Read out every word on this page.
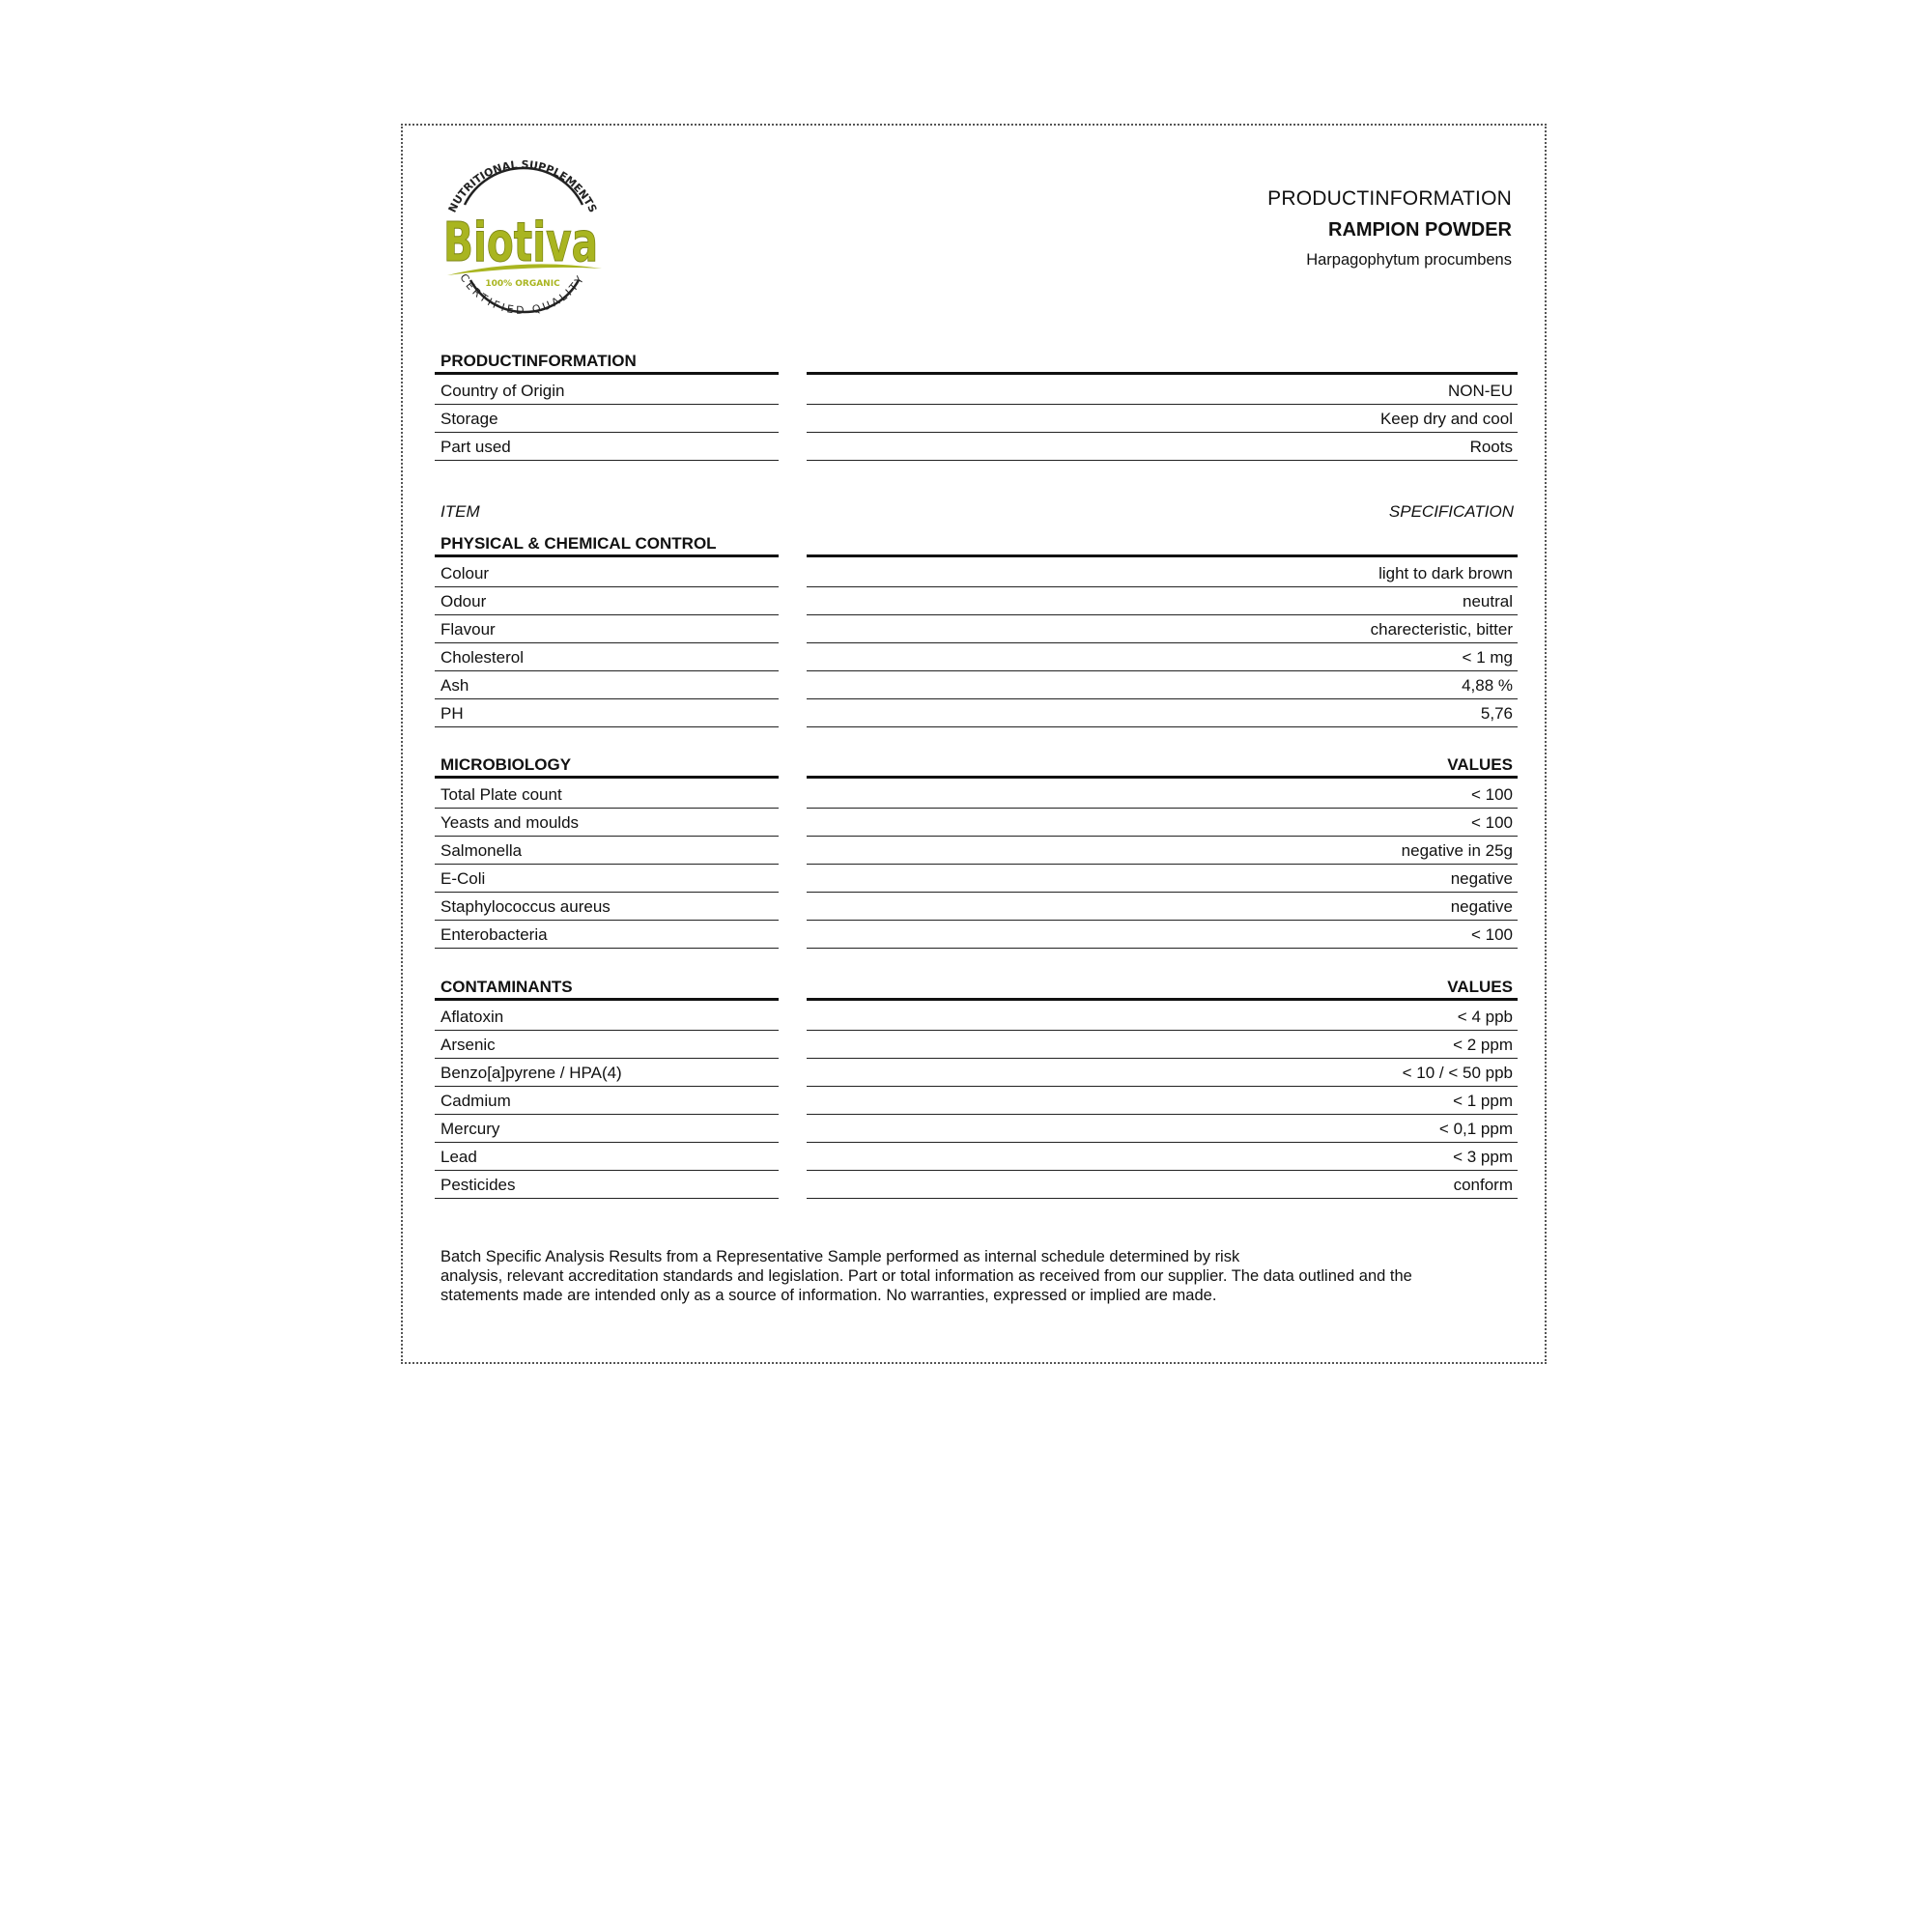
NUTRITIONAL SUPPLEMENTS
Biotiva
100% ORGANIC
CERTIFIED QUALITY
PRODUCTINFORMATION
RAMPION POWDER
Harpagophytum procumbens
PRODUCTINFORMATION
Country of Origin	NON-EU
Storage	Keep dry and cool
Part used	Roots
ITEM	SPECIFICATION
PHYSICAL & CHEMICAL CONTROL
Colour	light to dark brown
Odour	neutral
Flavour	charecteristic, bitter
Cholesterol	< 1 mg
Ash	4,88 %
PH	5,76
MICROBIOLOGY	VALUES
Total Plate count	< 100
Yeasts and moulds	< 100
Salmonella	negative in 25g
E-Coli	negative
Staphylococcus aureus	negative
Enterobacteria	< 100
CONTAMINANTS	VALUES
Aflatoxin	< 4 ppb
Arsenic	< 2 ppm
Benzo[a]pyrene / HPA(4)	< 10 / < 50 ppb
Cadmium	< 1 ppm
Mercury	< 0,1 ppm
Lead	< 3 ppm
Pesticides	conform
Batch Specific Analysis Results from a Representative Sample performed as internal schedule determined by risk
analysis, relevant accreditation standards and legislation. Part or total information as received from our supplier. The data outlined and the
statements made are intended only as a source of information. No warranties, expressed or implied are made.
